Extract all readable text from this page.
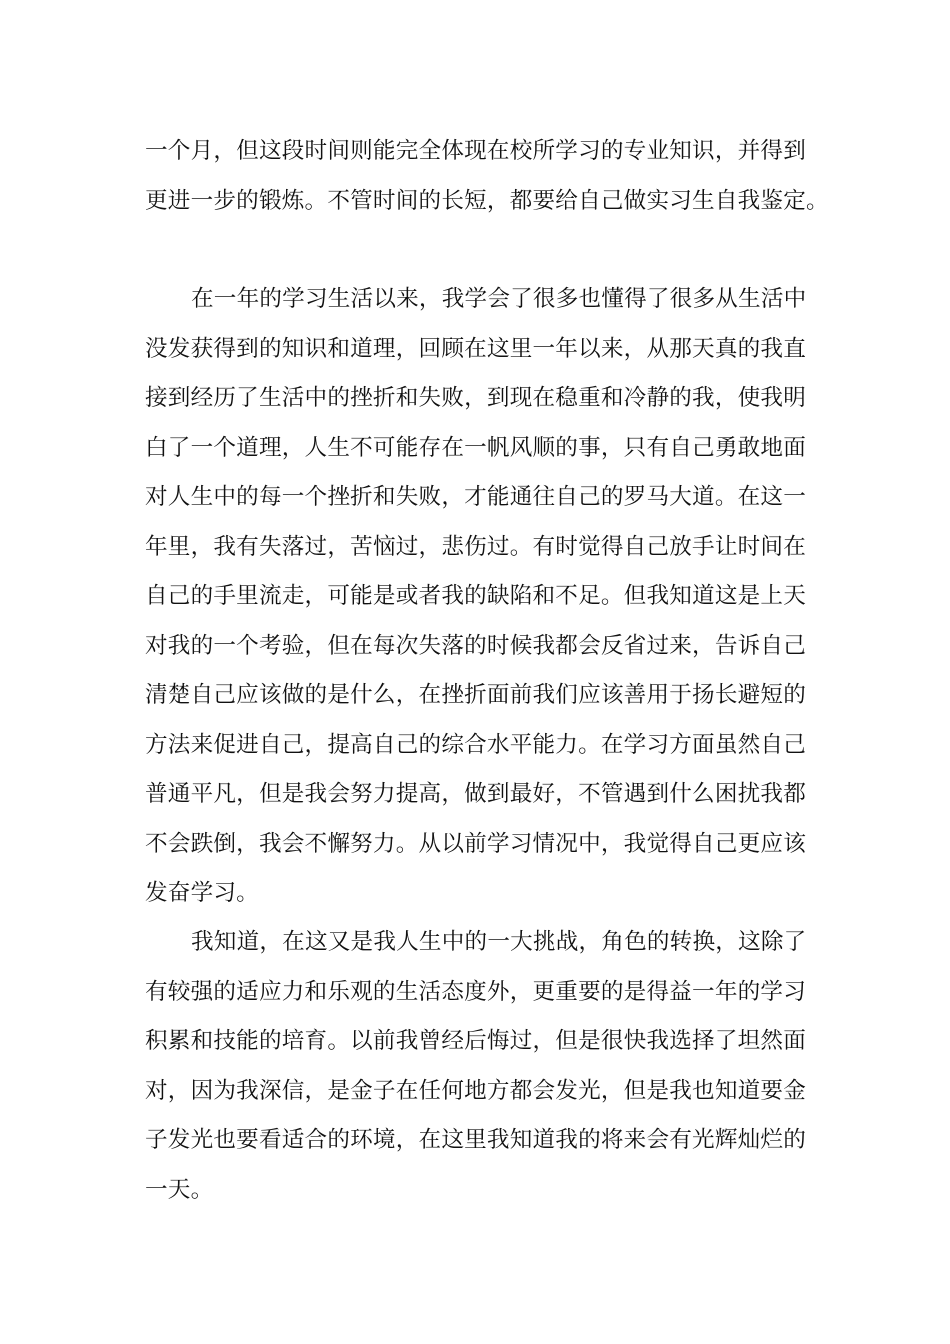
一个月，但这段时间则能完全体现在校所学习的专业知识，并得到
更进一步的锻炼。不管时间的长短，都要给自己做实习生自我鉴定。
在一年的学习生活以来，我学会了很多也懂得了很多从生活中
没发获得到的知识和道理，回顾在这里一年以来，从那天真的我直
接到经历了生活中的挫折和失败，到现在稳重和冷静的我，使我明
白了一个道理，人生不可能存在一帆风顺的事，只有自己勇敢地面
对人生中的每一个挫折和失败，才能通往自己的罗马大道。在这一
年里，我有失落过，苦恼过，悲伤过。有时觉得自己放手让时间在
自己的手里流走，可能是或者我的缺陷和不足。但我知道这是上天
对我的一个考验，但在每次失落的时候我都会反省过来，告诉自己
清楚自己应该做的是什么，在挫折面前我们应该善用于扬长避短的
方法来促进自己，提高自己的综合水平能力。在学习方面虽然自己
普通平凡，但是我会努力提高，做到最好，不管遇到什么困扰我都
不会跌倒，我会不懈努力。从以前学习情况中，我觉得自己更应该
发奋学习。
我知道，在这又是我人生中的一大挑战，角色的转换，这除了
有较强的适应力和乐观的生活态度外，更重要的是得益一年的学习
积累和技能的培育。以前我曾经后悔过，但是很快我选择了坦然面
对，因为我深信，是金子在任何地方都会发光，但是我也知道要金
子发光也要看适合的环境，在这里我知道我的将来会有光辉灿烂的
一天。
